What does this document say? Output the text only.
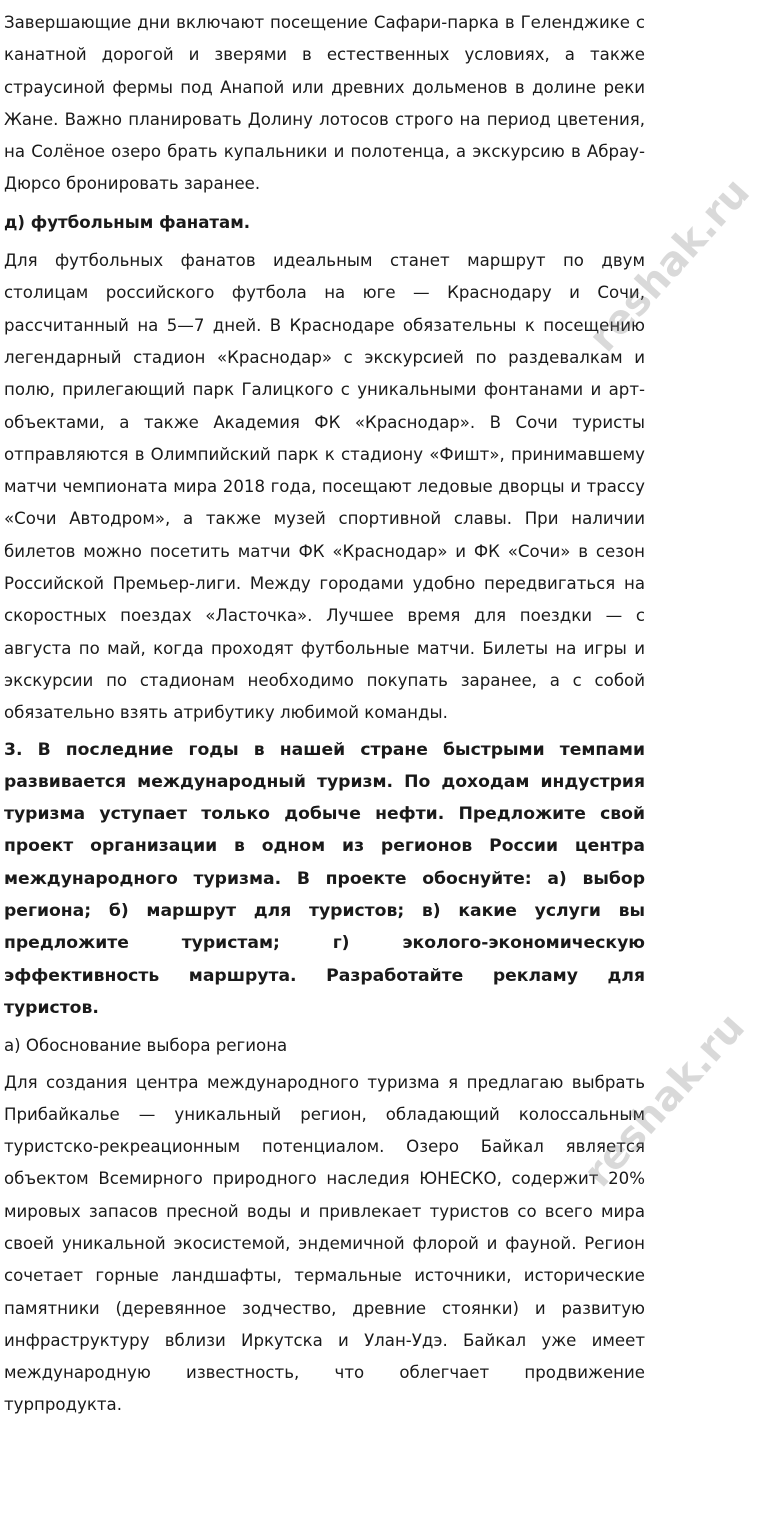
Завершающие дни включают посещение Сафари-парка в Геленджике с канатной дорогой и зверями в естественных условиях, а также страусиной фермы под Анапой или древних дольменов в долине реки Жане. Важно планировать Долину лотосов строго на период цветения, на Солёное озеро брать купальники и полотенца, а экскурсию в Абрау-Дюрсо бронировать заранее.

д) футбольным фанатам.

Для футбольных фанатов идеальным станет маршрут по двум столицам российского футбола на юге — Краснодару и Сочи, рассчитанный на 5—7 дней. В Краснодаре обязательны к посещению легендарный стадион «Краснодар» с экскурсией по раздевалкам и полю, прилегающий парк Галицкого с уникальными фонтанами и арт-объектами, а также Академия ФК «Краснодар». В Сочи туристы отправляются в Олимпийский парк к стадиону «Фишт», принимавшему матчи чемпионата мира 2018 года, посещают ледовые дворцы и трассу «Сочи Автодром», а также музей спортивной славы. При наличии билетов можно посетить матчи ФК «Краснодар» и ФК «Сочи» в сезон Российской Премьер-лиги. Между городами удобно передвигаться на скоростных поездах «Ласточка». Лучшее время для поездки — с августа по май, когда проходят футбольные матчи. Билеты на игры и экскурсии по стадионам необходимо покупать заранее, а с собой обязательно взять атрибутику любимой команды.

3. В последние годы в нашей стране быстрыми темпами развивается международный туризм. По доходам индустрия туризма уступает только добыче нефти. Предложите свой проект организации в одном из регионов России центра международного туризма. В проекте обоснуйте: а) выбор региона; б) маршрут для туристов; в) какие услуги вы предложите туристам; г) эколого-экономическую эффективность маршрута. Разработайте рекламу для туристов.

а) Обоснование выбора региона

Для создания центра международного туризма я предлагаю выбрать Прибайкалье — уникальный регион, обладающий колоссальным туристско-рекреационным потенциалом. Озеро Байкал является объектом Всемирного природного наследия ЮНЕСКО, содержит 20% мировых запасов пресной воды и привлекает туристов со всего мира своей уникальной экосистемой, эндемичной флорой и фауной. Регион сочетает горные ландшафты, термальные источники, исторические памятники (деревянное зодчество, древние стоянки) и развитую инфраструктуру вблизи Иркутска и Улан-Удэ. Байкал уже имеет международную известность, что облегчает продвижение турпродукта.

reshak.ru
reshak.ru
